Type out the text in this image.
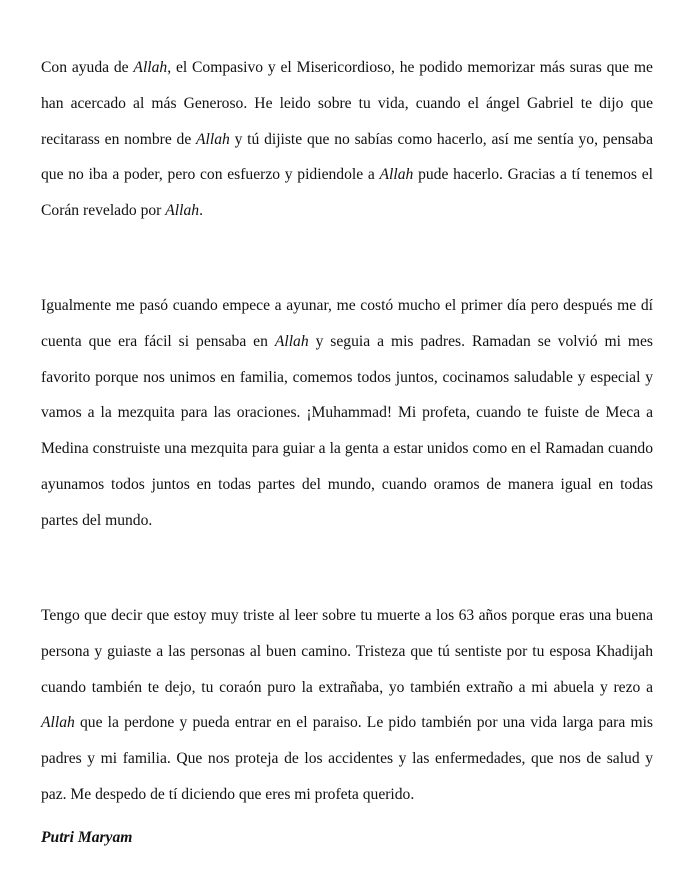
Con ayuda de Allah, el Compasivo y el Misericordioso, he podido memorizar más suras que me han acercado al más Generoso. He leido sobre tu vida, cuando el ángel Gabriel te dijo que recitarass en nombre de Allah y tú dijiste que no sabías como hacerlo, así me sentía yo, pensaba que no iba a poder, pero con esfuerzo y pidiendole a Allah pude hacerlo. Gracias a tí tenemos el Corán revelado por Allah.

Igualmente me pasó cuando empece a ayunar, me costó mucho el primer día pero después me dí cuenta que era fácil si pensaba en Allah y seguia a mis padres. Ramadan se volvió mi mes favorito porque nos unimos en familia, comemos todos juntos, cocinamos saludable y especial y vamos a la mezquita para las oraciones. ¡Muhammad! Mi profeta, cuando te fuiste de Meca a Medina construiste una mezquita para guiar a la genta a estar unidos como en el Ramadan cuando ayunamos todos juntos en todas partes del mundo, cuando oramos de manera igual en todas partes del mundo.

Tengo que decir que estoy muy triste al leer sobre tu muerte a los 63 años porque eras una buena persona y guiaste a las personas al buen camino. Tristeza que tú sentiste por tu esposa Khadijah cuando también te dejo, tu coraón puro la extrañaba, yo también extraño a mi abuela y rezo a Allah que la perdone y pueda entrar en el paraiso. Le pido también por una vida larga para mis padres y mi familia. Que nos proteja de los accidentes y las enfermedades, que nos de salud y paz. Me despedo de tí diciendo que eres mi profeta querido.

Putri Maryam
